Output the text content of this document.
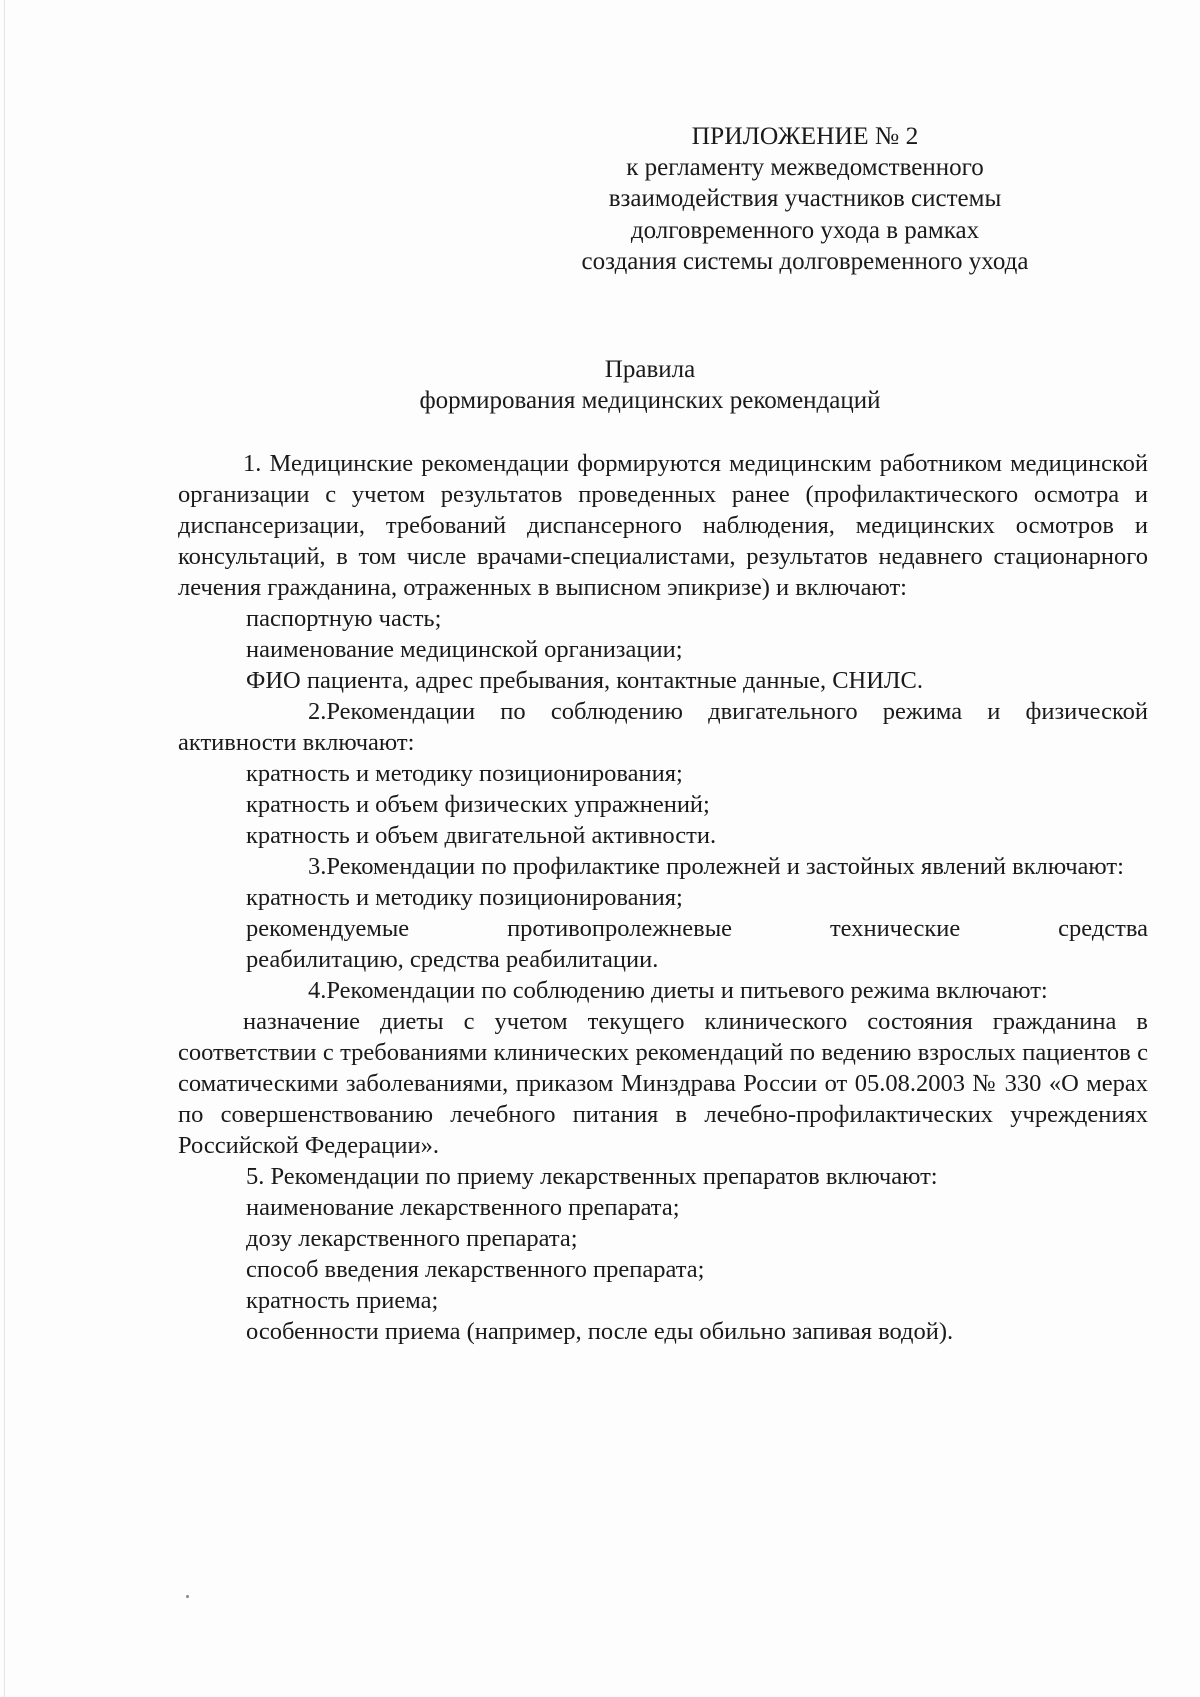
ПРИЛОЖЕНИЕ № 2
к регламенту межведомственного
взаимодействия участников системы
долговременного ухода в рамках
создания системы долговременного ухода
Правила
формирования медицинских рекомендаций

1. Медицинские рекомендации формируются медицинским работником медицинской организации с учетом результатов проведенных ранее (профилактического осмотра и диспансеризации, требований диспансерного наблюдения, медицинских осмотров и консультаций, в том числе врачами-специалистами, результатов недавнего стационарного лечения гражданина, отраженных в выписном эпикризе) и включают:

паспортную часть;

наименование медицинской организации;

ФИО пациента, адрес пребывания, контактные данные, СНИЛС.

2.Рекомендации по соблюдению двигательного режима и физической активности включают:

кратность и методику позиционирования;

кратность и объем физических упражнений;

кратность и объем двигательной активности.

3.Рекомендации по профилактике пролежней и застойных явлений включают:

кратность и методику позиционирования;

рекомендуемые противопролежневые технические средства

реабилитацию, средства реабилитации.

4.Рекомендации по соблюдению диеты и питьевого режима включают:

назначение диеты с учетом текущего клинического состояния гражданина в соответствии с требованиями клинических рекомендаций по ведению взрослых пациентов с соматическими заболеваниями, приказом Минздрава России от 05.08.2003 № 330 «О мерах по совершенствованию лечебного питания в лечебно-профилактических учреждениях Российской Федерации».

5. Рекомендации по приему лекарственных препаратов включают:

наименование лекарственного препарата;

дозу лекарственного препарата;

способ введения лекарственного препарата;

кратность приема;

особенности приема (например, после еды обильно запивая водой).
